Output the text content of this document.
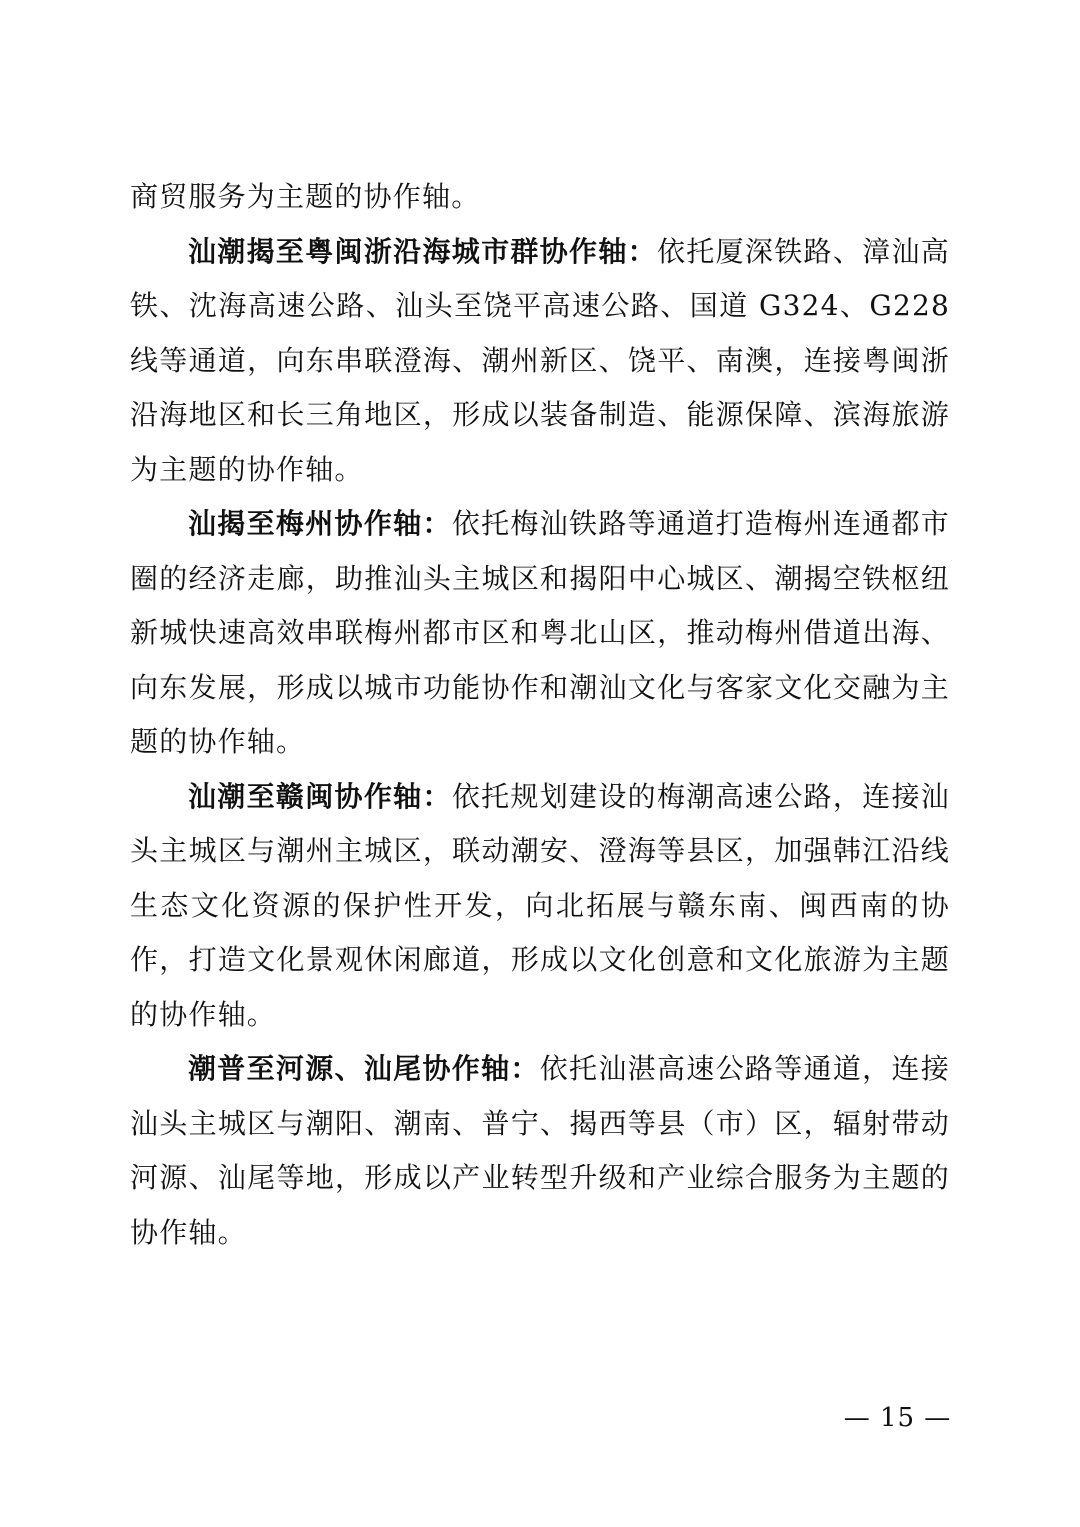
商贸服务为主题的协作轴。

汕潮揭至粤闽浙沿海城市群协作轴：依托厦深铁路、漳汕高铁、沈海高速公路、汕头至饶平高速公路、国道 G324、G228 线等通道，向东串联澄海、潮州新区、饶平、南澳，连接粤闽浙沿海地区和长三角地区，形成以装备制造、能源保障、滨海旅游为主题的协作轴。

汕揭至梅州协作轴：依托梅汕铁路等通道打造梅州连通都市圈的经济走廊，助推汕头主城区和揭阳中心城区、潮揭空铁枢纽新城快速高效串联梅州都市区和粤北山区，推动梅州借道出海、向东发展，形成以城市功能协作和潮汕文化与客家文化交融为主题的协作轴。

汕潮至赣闽协作轴：依托规划建设的梅潮高速公路，连接汕头主城区与潮州主城区，联动潮安、澄海等县区，加强韩江沿线生态文化资源的保护性开发，向北拓展与赣东南、闽西南的协作，打造文化景观休闲廊道，形成以文化创意和文化旅游为主题的协作轴。

潮普至河源、汕尾协作轴：依托汕湛高速公路等通道，连接汕头主城区与潮阳、潮南、普宁、揭西等县（市）区，辐射带动河源、汕尾等地，形成以产业转型升级和产业综合服务为主题的协作轴。

— 15 —
